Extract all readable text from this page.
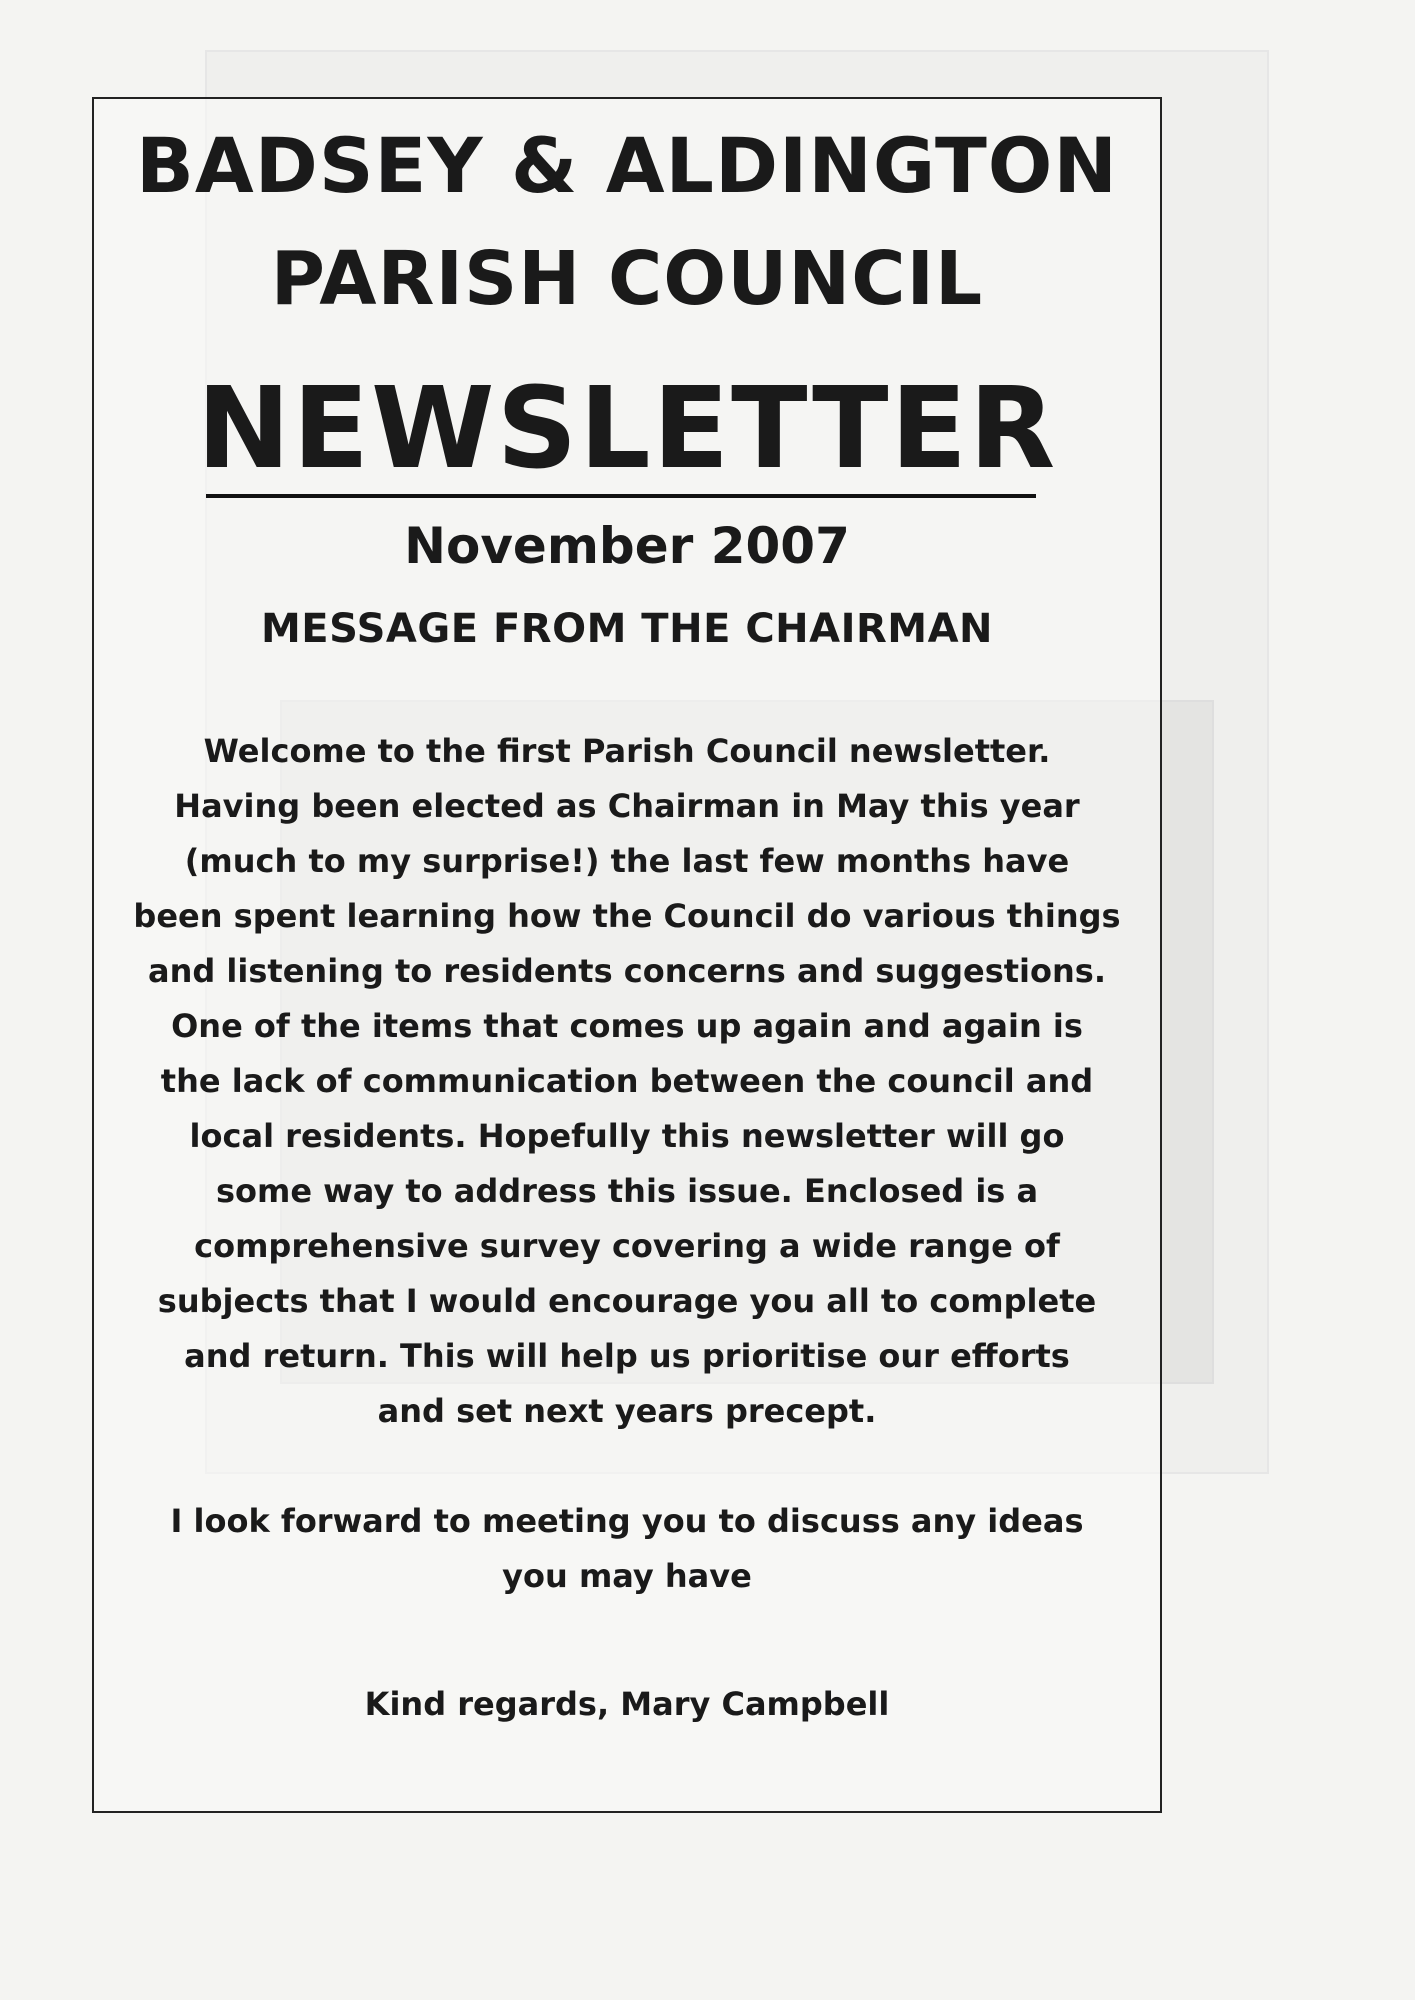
BADSEY & ALDINGTON
PARISH COUNCIL
NEWSLETTER
November 2007
MESSAGE FROM THE CHAIRMAN
Welcome to the first Parish Council newsletter.
Having been elected as Chairman in May this year
(much to my surprise!) the last few months have
been spent learning how the Council do various things
and listening to residents concerns and suggestions.
One of the items that comes up again and again is
the lack of communication between the council and
local residents. Hopefully this newsletter will go
some way to address this issue. Enclosed is a
comprehensive survey covering a wide range of
subjects that I would encourage you all to complete
and return. This will help us prioritise our efforts
and set next years precept.
I look forward to meeting you to discuss any ideas
you may have
Kind regards, Mary Campbell
